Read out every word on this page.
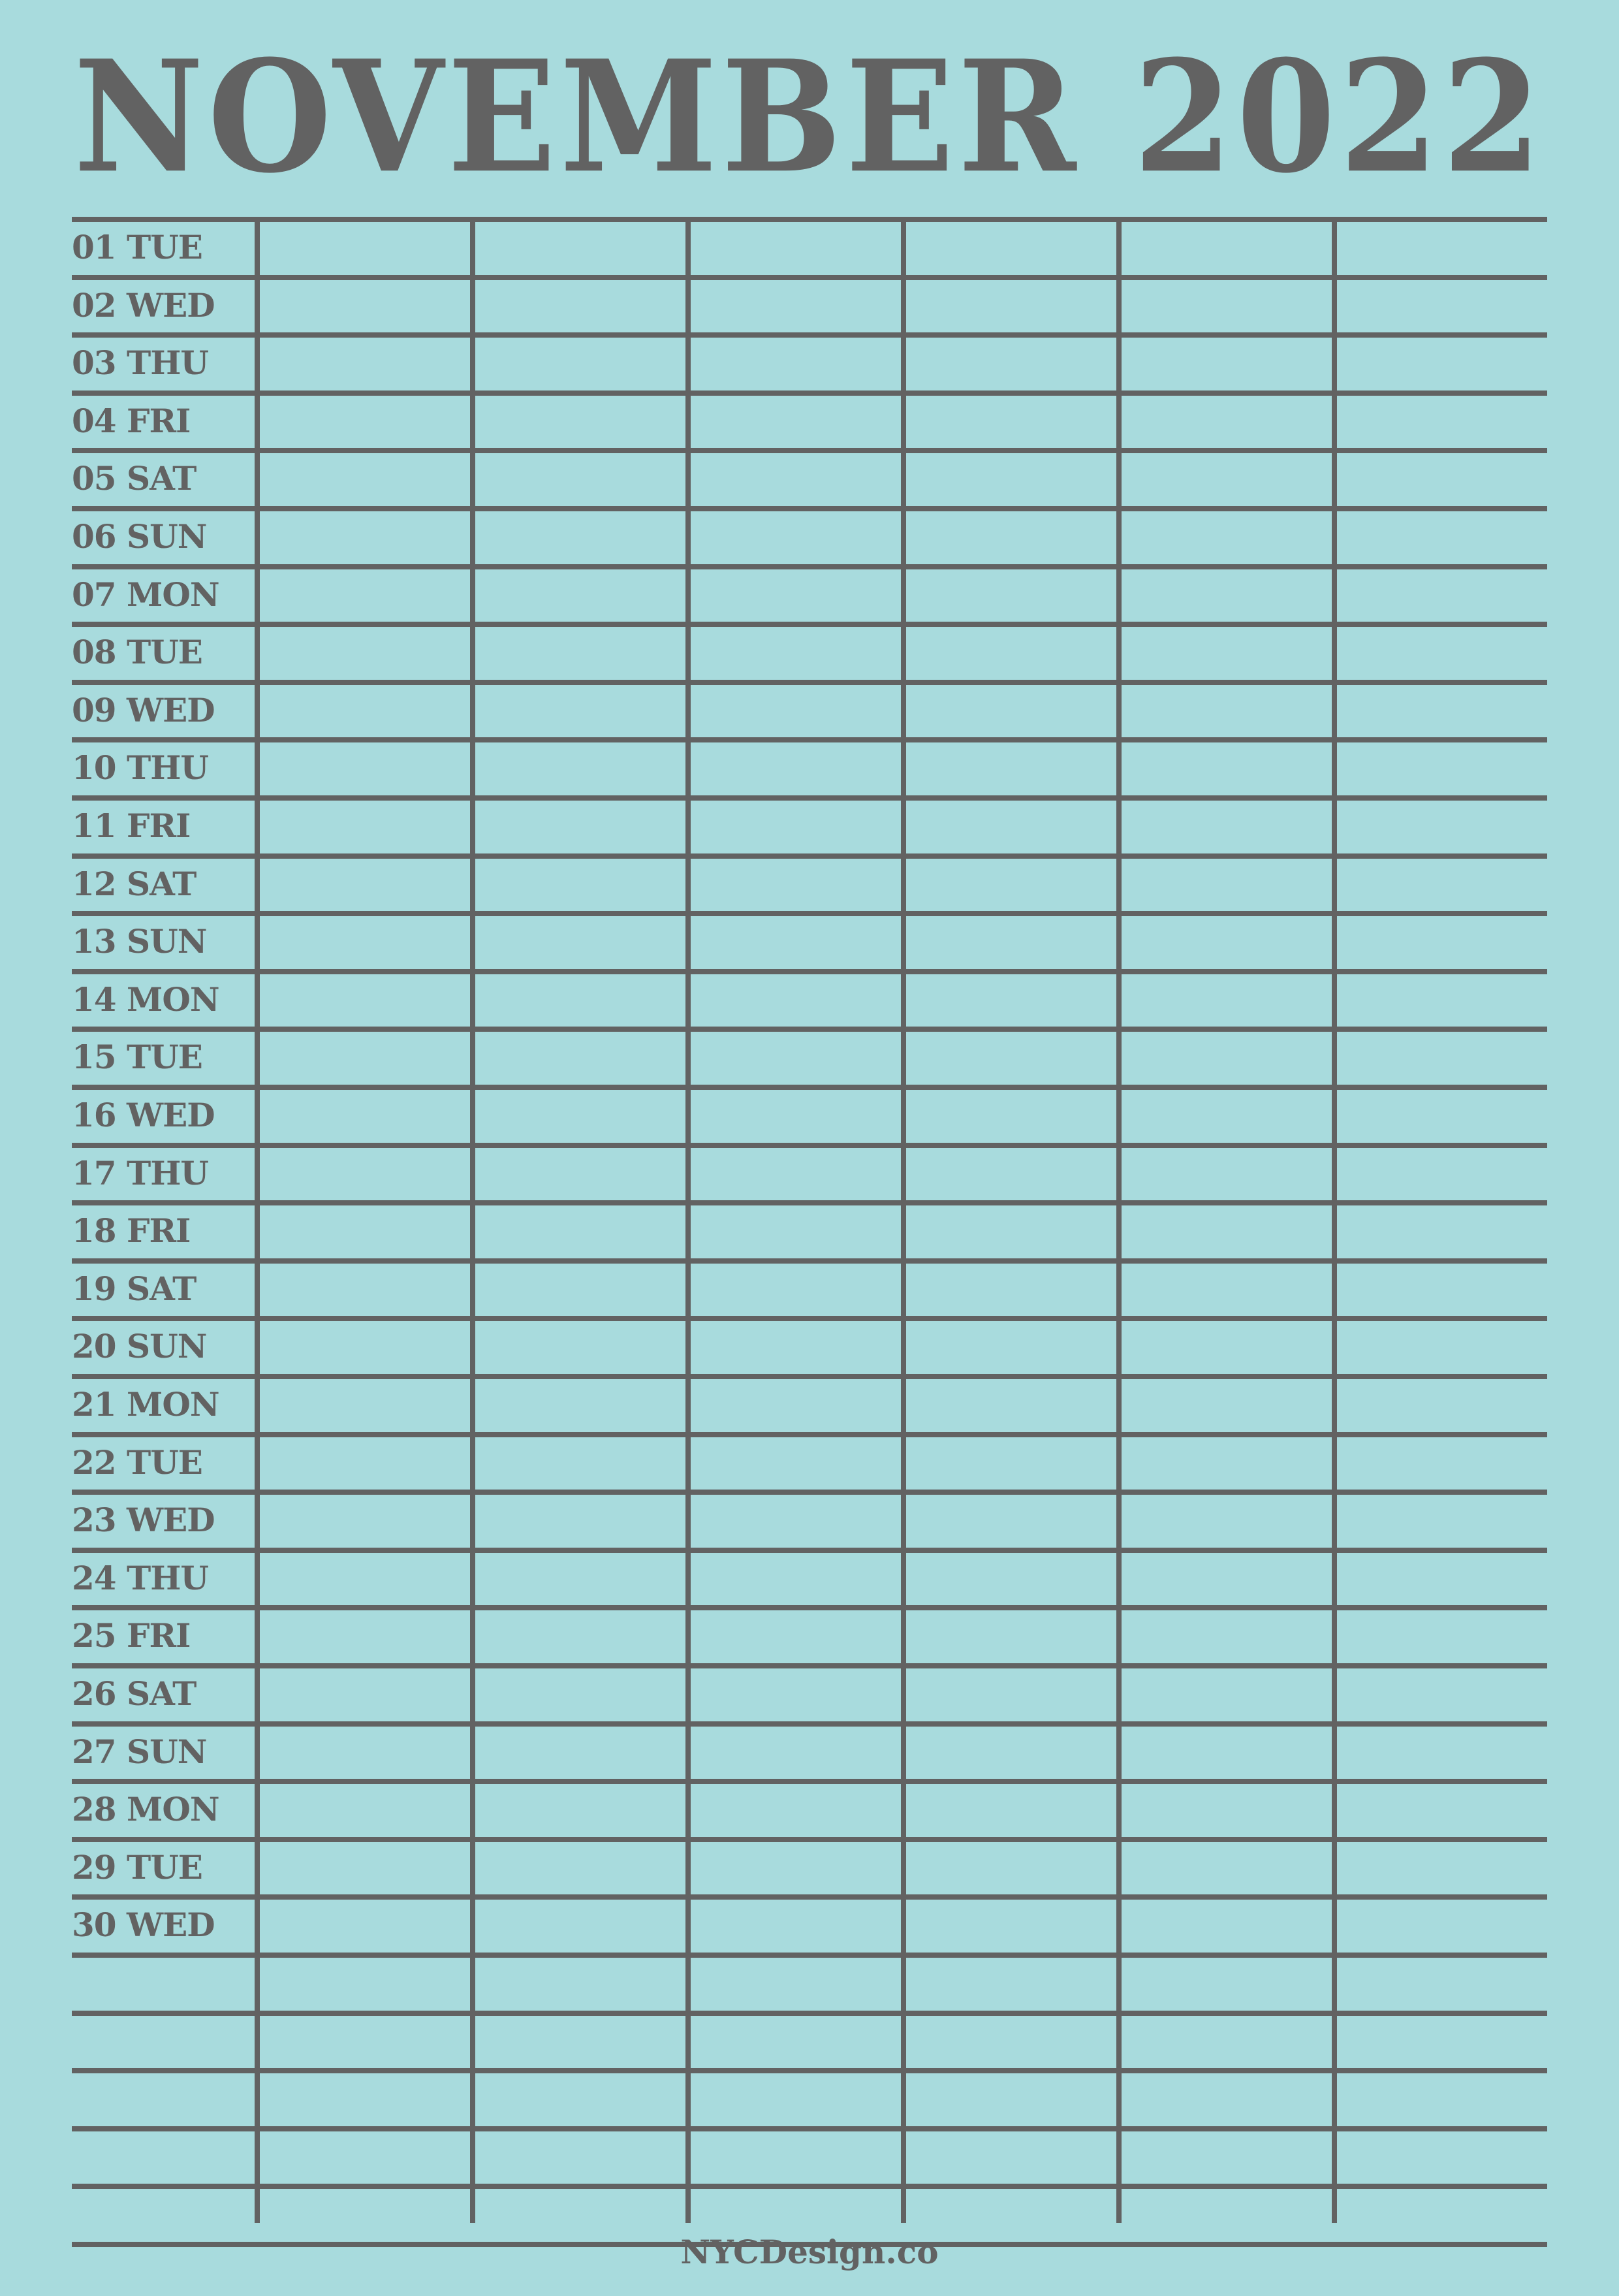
NOVEMBER 2022
01 TUE
02 WED
03 THU
04 FRI
05 SAT
06 SUN
07 MON
08 TUE
09 WED
10 THU
11 FRI
12 SAT
13 SUN
14 MON
15 TUE
16 WED
17 THU
18 FRI
19 SAT
20 SUN
21 MON
22 TUE
23 WED
24 THU
25 FRI
26 SAT
27 SUN
28 MON
29 TUE
30 WED
NYCDesign.co
